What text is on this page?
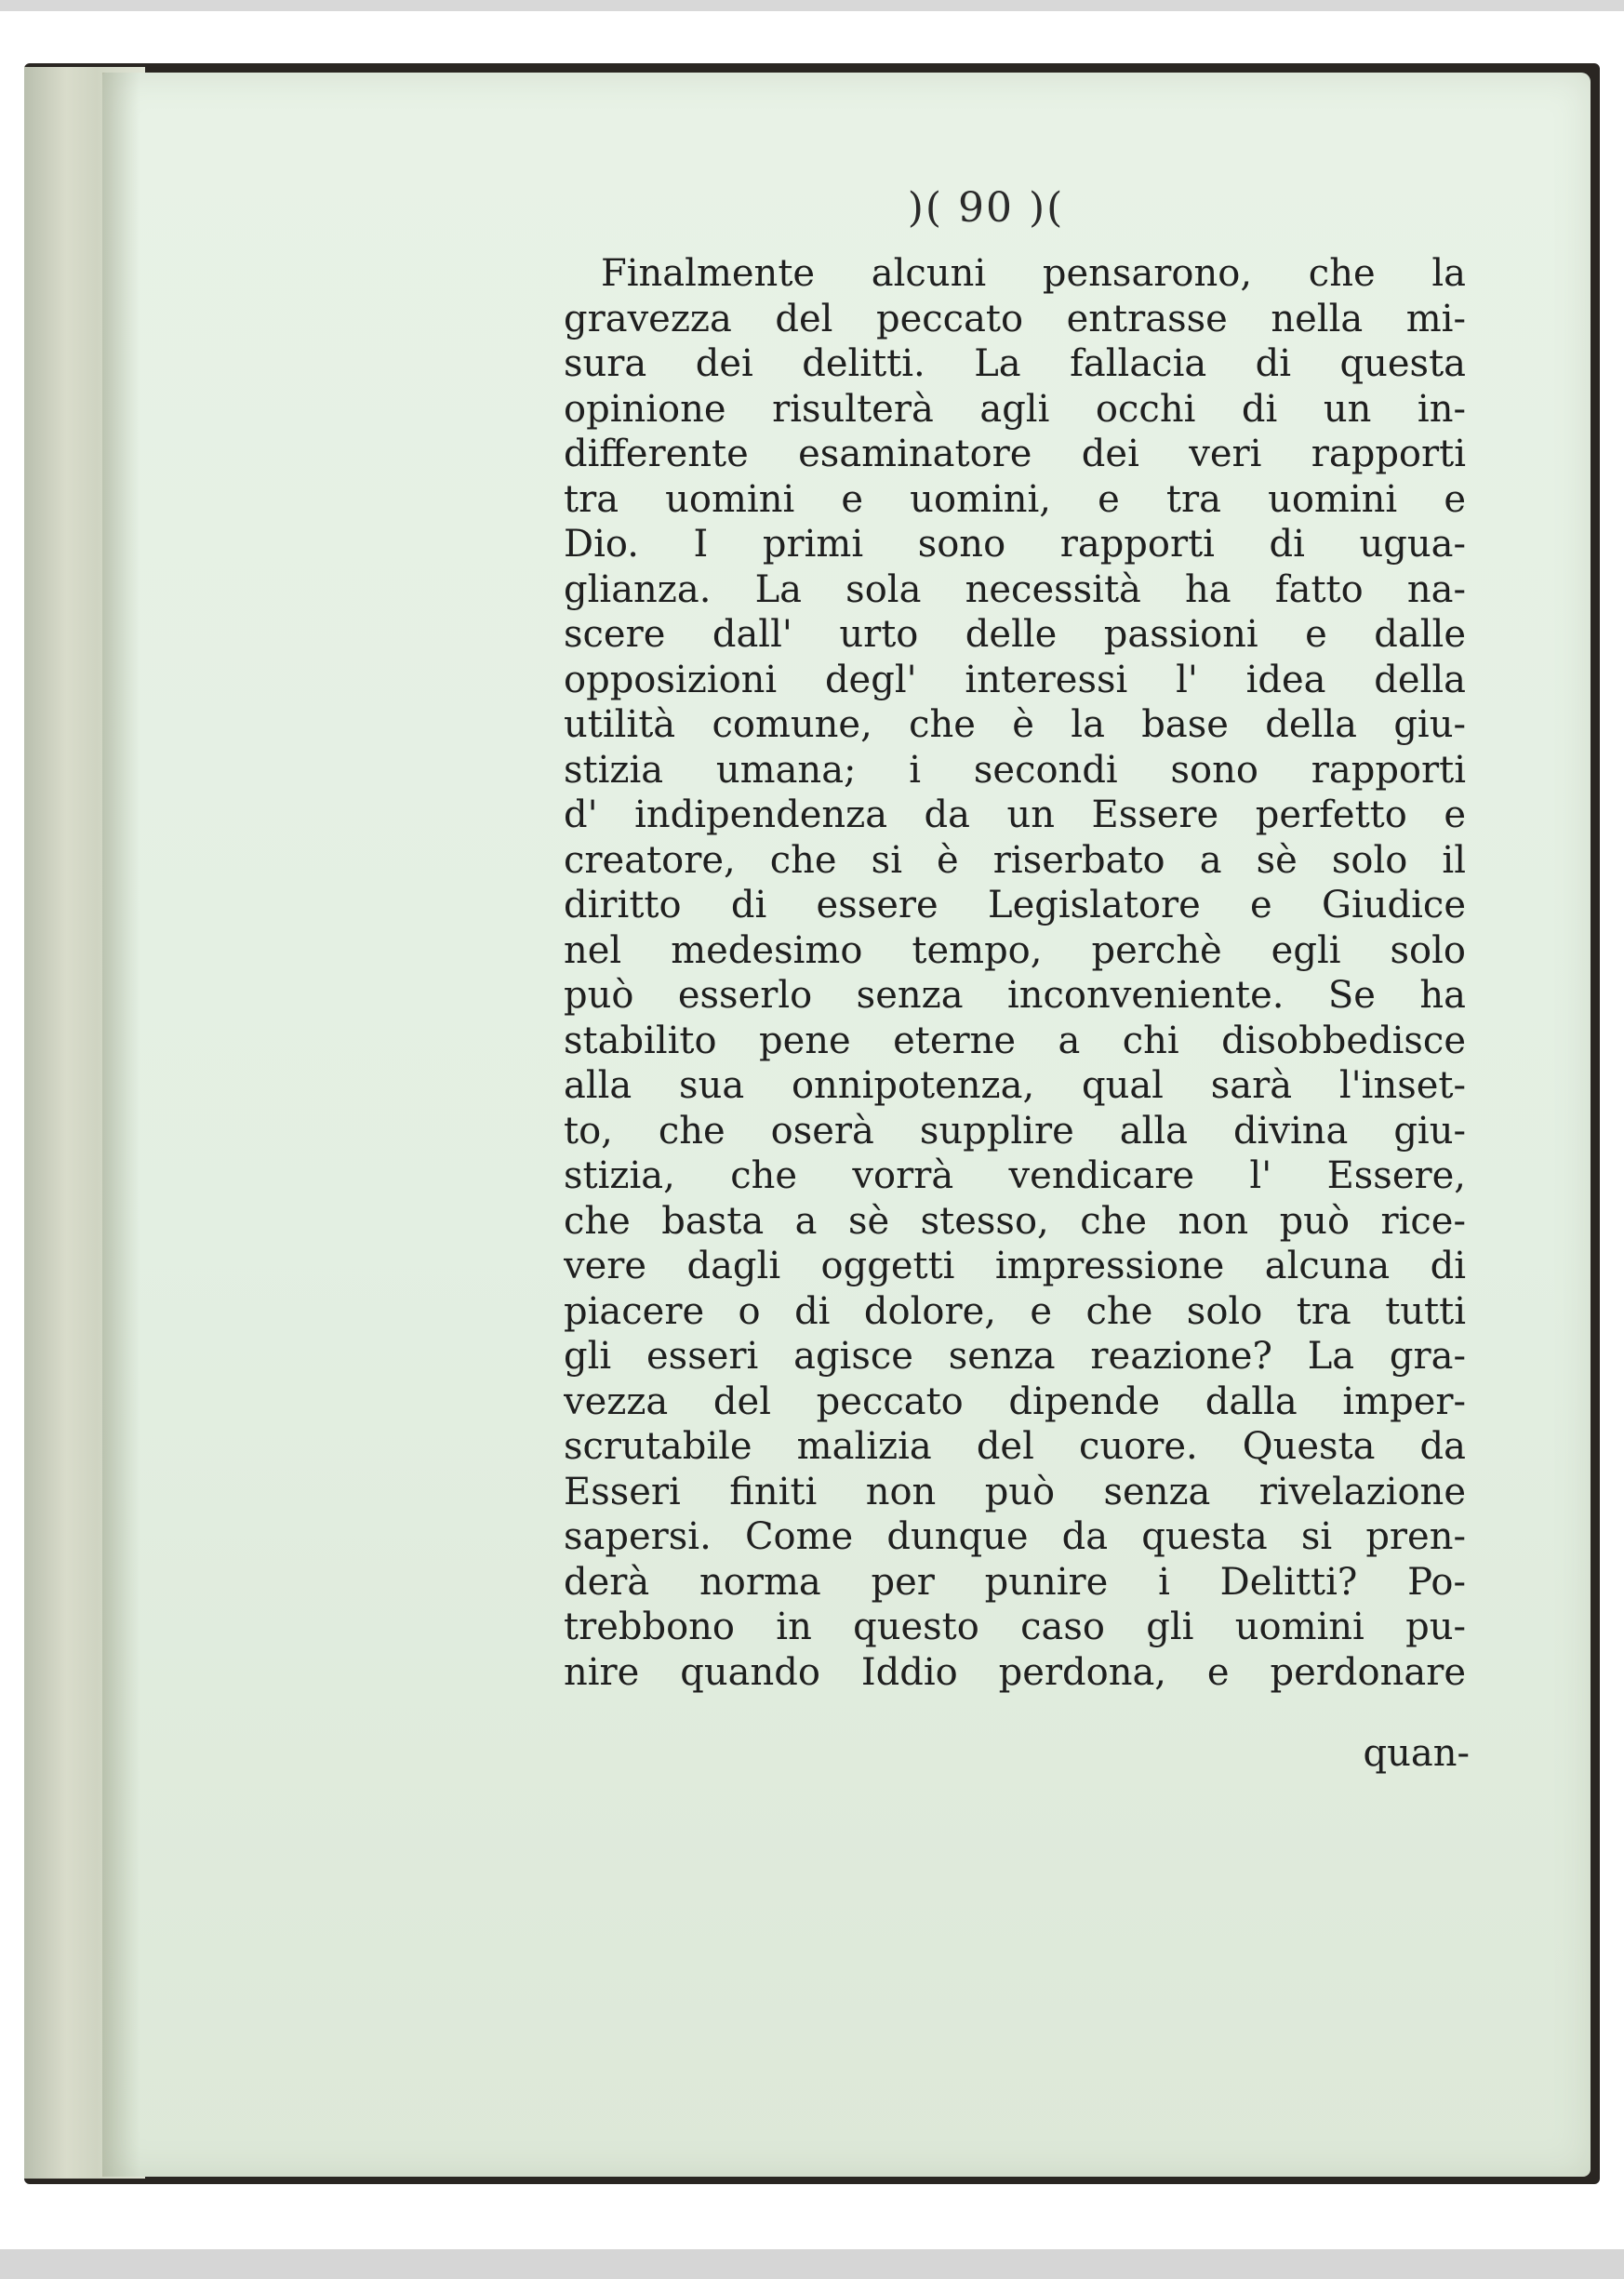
)( 90 )(
Finalmente alcuni pensarono, che la
gravezza del peccato entrasse nella mi-
sura dei delitti. La fallacia di questa
opinione risulterà agli occhi di un in-
differente esaminatore dei veri rapporti
tra uomini e uomini, e tra uomini e
Dio. I primi sono rapporti di ugua-
glianza. La sola necessità ha fatto na-
scere dall' urto delle passioni e dalle
opposizioni degl' interessi l' idea della
utilità comune, che è la base della giu-
stizia umana; i secondi sono rapporti
d' indipendenza da un Essere perfetto e
creatore, che si è riserbato a sè solo il
diritto di essere Legislatore e Giudice
nel medesimo tempo, perchè egli solo
può esserlo senza inconveniente. Se ha
stabilito pene eterne a chi disobbedisce
alla sua onnipotenza, qual sarà l'inset-
to, che oserà supplire alla divina giu-
stizia, che vorrà vendicare l' Essere,
che basta a sè stesso, che non può rice-
vere dagli oggetti impressione alcuna di
piacere o di dolore, e che solo tra tutti
gli esseri agisce senza reazione? La gra-
vezza del peccato dipende dalla imper-
scrutabile malizia del cuore. Questa da
Esseri finiti non può senza rivelazione
sapersi. Come dunque da questa si pren-
derà norma per punire i Delitti? Po-
trebbono in questo caso gli uomini pu-
nire quando Iddio perdona, e perdonare
quan-
